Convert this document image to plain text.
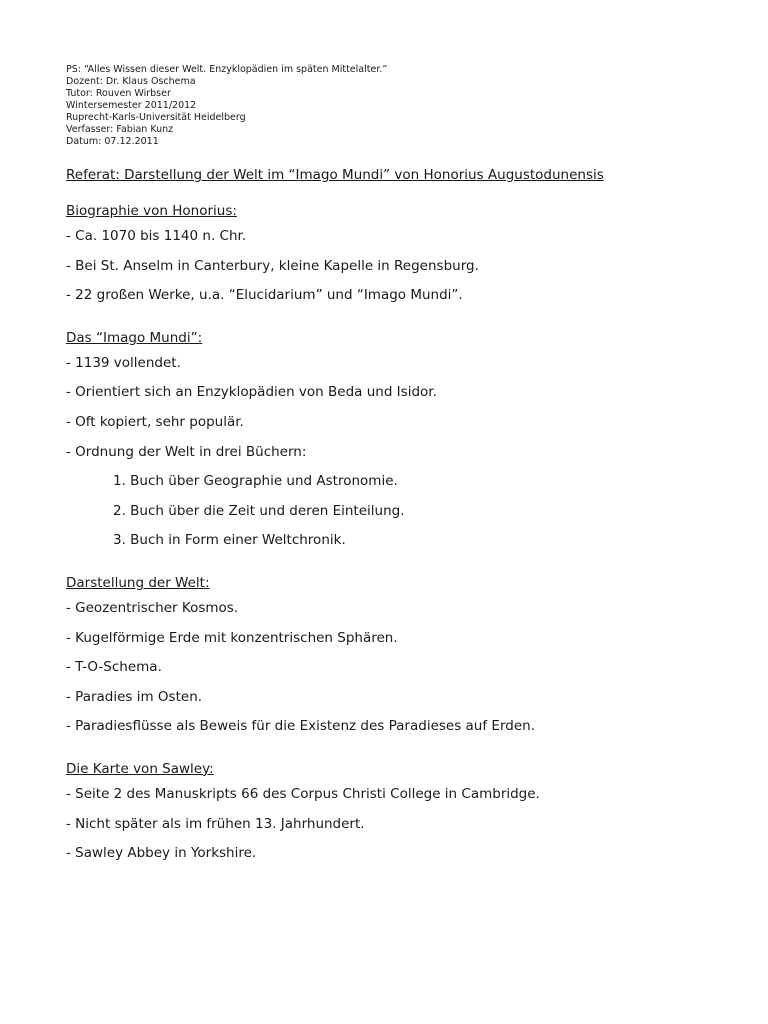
PS: “Alles Wissen dieser Welt. Enzyklopädien im späten Mittelalter.”
Dozent: Dr. Klaus Oschema
Tutor: Rouven Wirbser
Wintersemester 2011/2012
Ruprecht-Karls-Universität Heidelberg
Verfasser: Fabian Kunz
Datum: 07.12.2011
Referat: Darstellung der Welt im “Imago Mundi” von Honorius Augustodunensis
Biographie von Honorius:
- Ca. 1070 bis 1140 n. Chr.
- Bei St. Anselm in Canterbury, kleine Kapelle in Regensburg.
- 22 großen Werke, u.a. “Elucidarium” und “Imago Mundi”.
Das “Imago Mundi”:
- 1139 vollendet.
- Orientiert sich an Enzyklopädien von Beda und Isidor.
- Oft kopiert, sehr populär.
- Ordnung der Welt in drei Büchern:
1. Buch über Geographie und Astronomie.
2. Buch über die Zeit und deren Einteilung.
3. Buch in Form einer Weltchronik.
Darstellung der Welt:
- Geozentrischer Kosmos.
- Kugelförmige Erde mit konzentrischen Sphären.
- T-O-Schema.
- Paradies im Osten.
- Paradiesflüsse als Beweis für die Existenz des Paradieses auf Erden.
Die Karte von Sawley:
- Seite 2 des Manuskripts 66 des Corpus Christi College in Cambridge.
- Nicht später als im frühen 13. Jahrhundert.
- Sawley Abbey in Yorkshire.
